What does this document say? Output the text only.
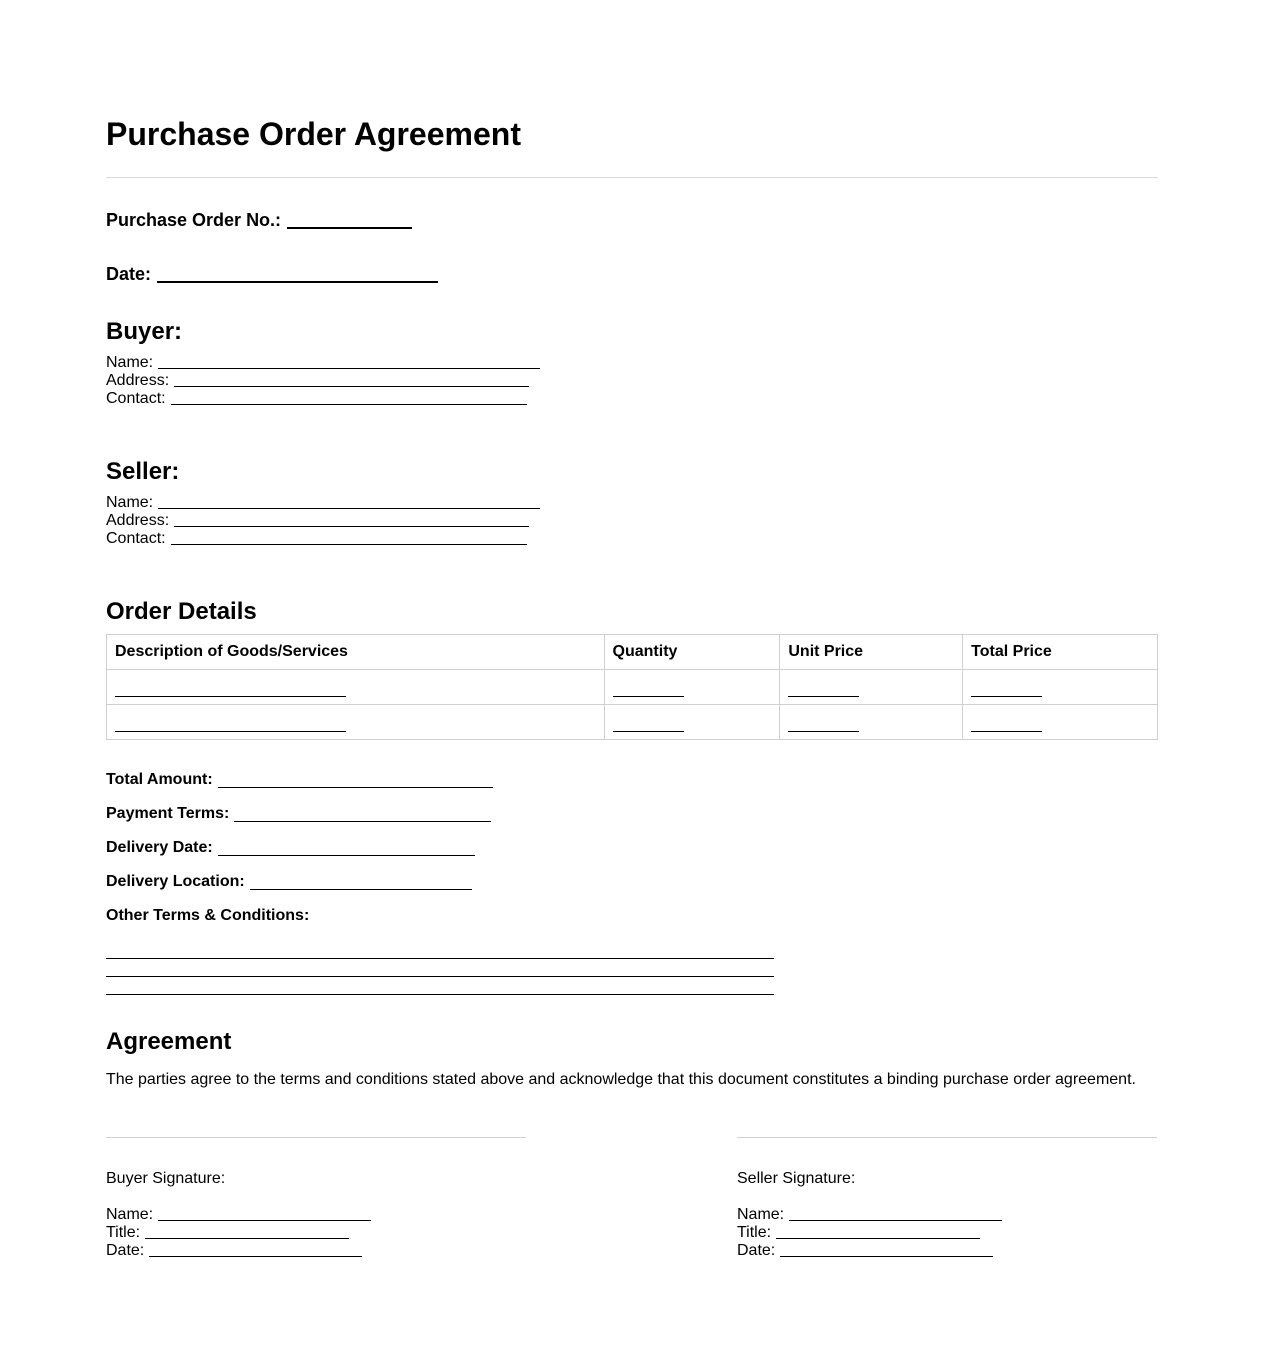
Purchase Order Agreement
Purchase Order No.:
Date:
Buyer:
Name:
Address:
Contact:
Seller:
Name:
Address:
Contact:
Order Details
Description of Goods/Services	Quantity	Unit Price	Total Price

Total Amount:
Payment Terms:
Delivery Date:
Delivery Location:
Other Terms & Conditions:
Agreement

The parties agree to the terms and conditions stated above and acknowledge that this document constitutes a binding purchase order agreement.

Buyer Signature:
Name:
Title:
Date:
Seller Signature:
Name:
Title:
Date:
